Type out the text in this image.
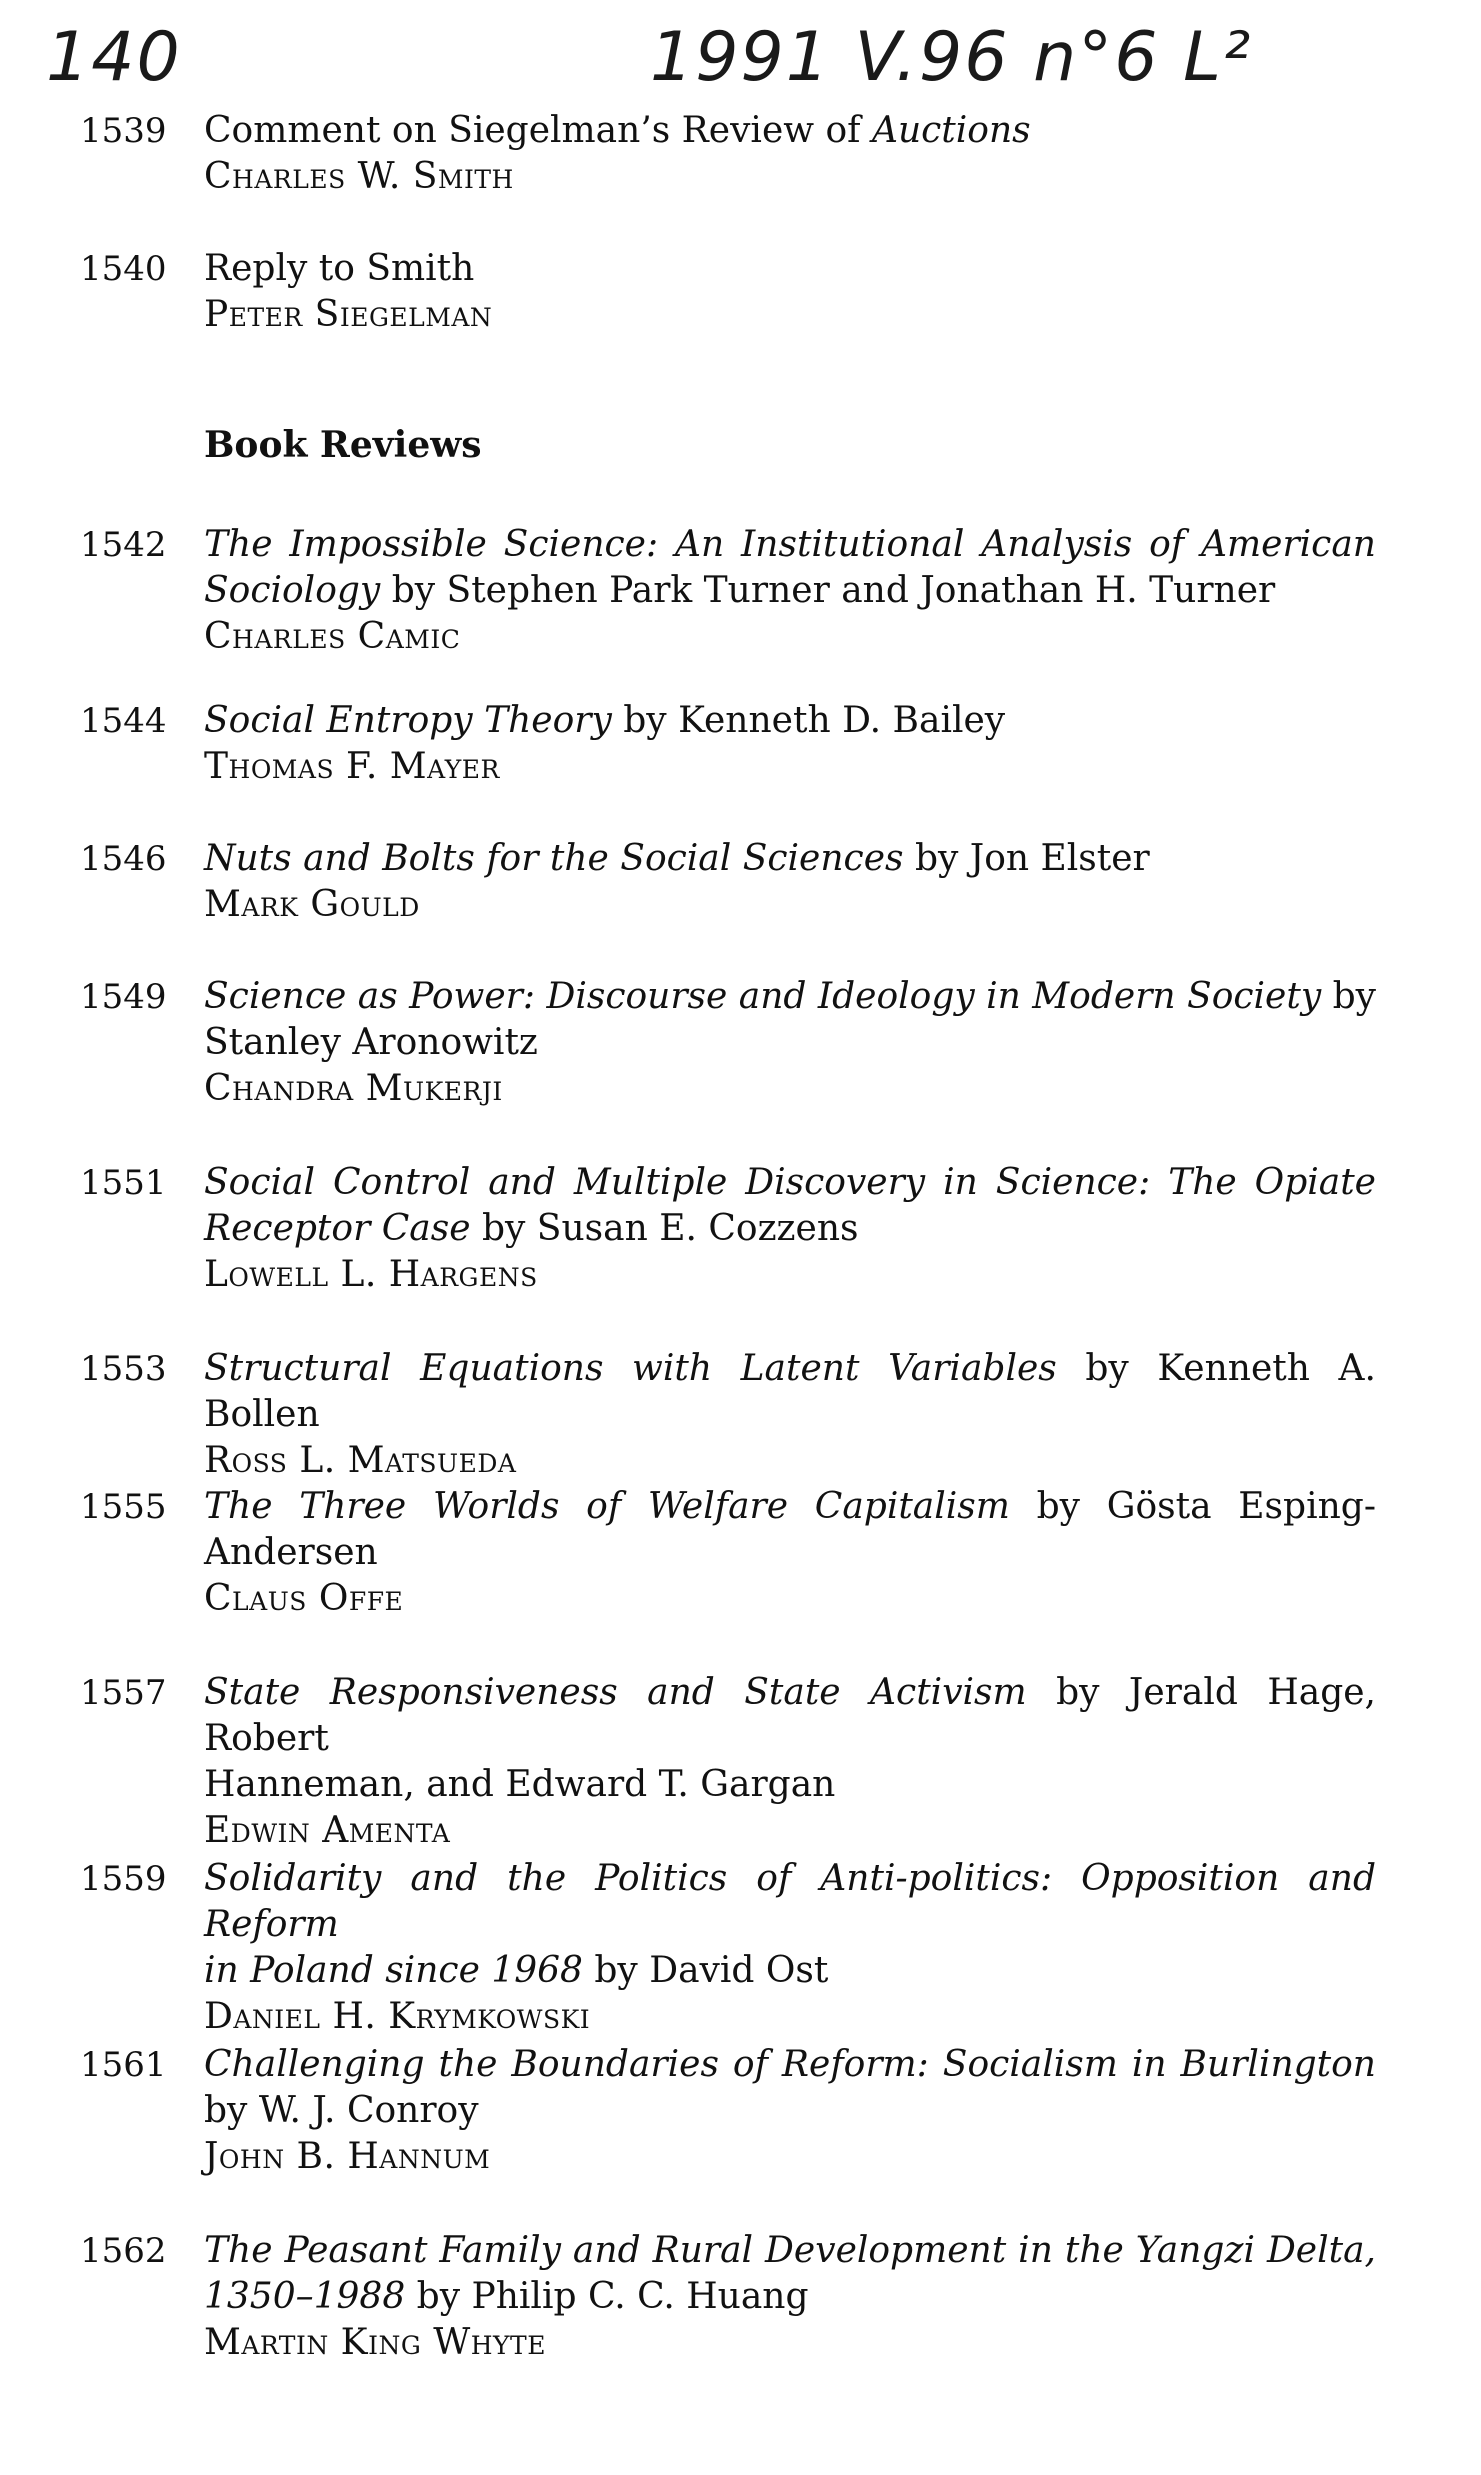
140	1991 V.96 n°6 L²
Book Reviews
1539	Comment on Siegelman’s Review of Auctions
Charles W. Smith
1540	Reply to Smith
Peter Siegelman
1542	The Impossible Science: An Institutional Analysis of American
Sociology by Stephen Park Turner and Jonathan H. Turner
Charles Camic
1544	Social Entropy Theory by Kenneth D. Bailey
Thomas F. Mayer
1546	Nuts and Bolts for the Social Sciences by Jon Elster
Mark Gould
1549	Science as Power: Discourse and Ideology in Modern Society by
Stanley Aronowitz
Chandra Mukerji
1551	Social Control and Multiple Discovery in Science: The Opiate
Receptor Case by Susan E. Cozzens
Lowell L. Hargens
1553	Structural Equations with Latent Variables by Kenneth A. Bollen
Ross L. Matsueda
1555	The Three Worlds of Welfare Capitalism by Gösta Esping-
Andersen
Claus Offe
1557	State Responsiveness and State Activism by Jerald Hage, Robert
Hanneman, and Edward T. Gargan
Edwin Amenta
1559	Solidarity and the Politics of Anti-politics: Opposition and Reform
in Poland since 1968 by David Ost
Daniel H. Krymkowski
1561	Challenging the Boundaries of Reform: Socialism in Burlington
by W. J. Conroy
John B. Hannum
1562	The Peasant Family and Rural Development in the Yangzi Delta,
1350–1988 by Philip C. C. Huang
Martin King Whyte
